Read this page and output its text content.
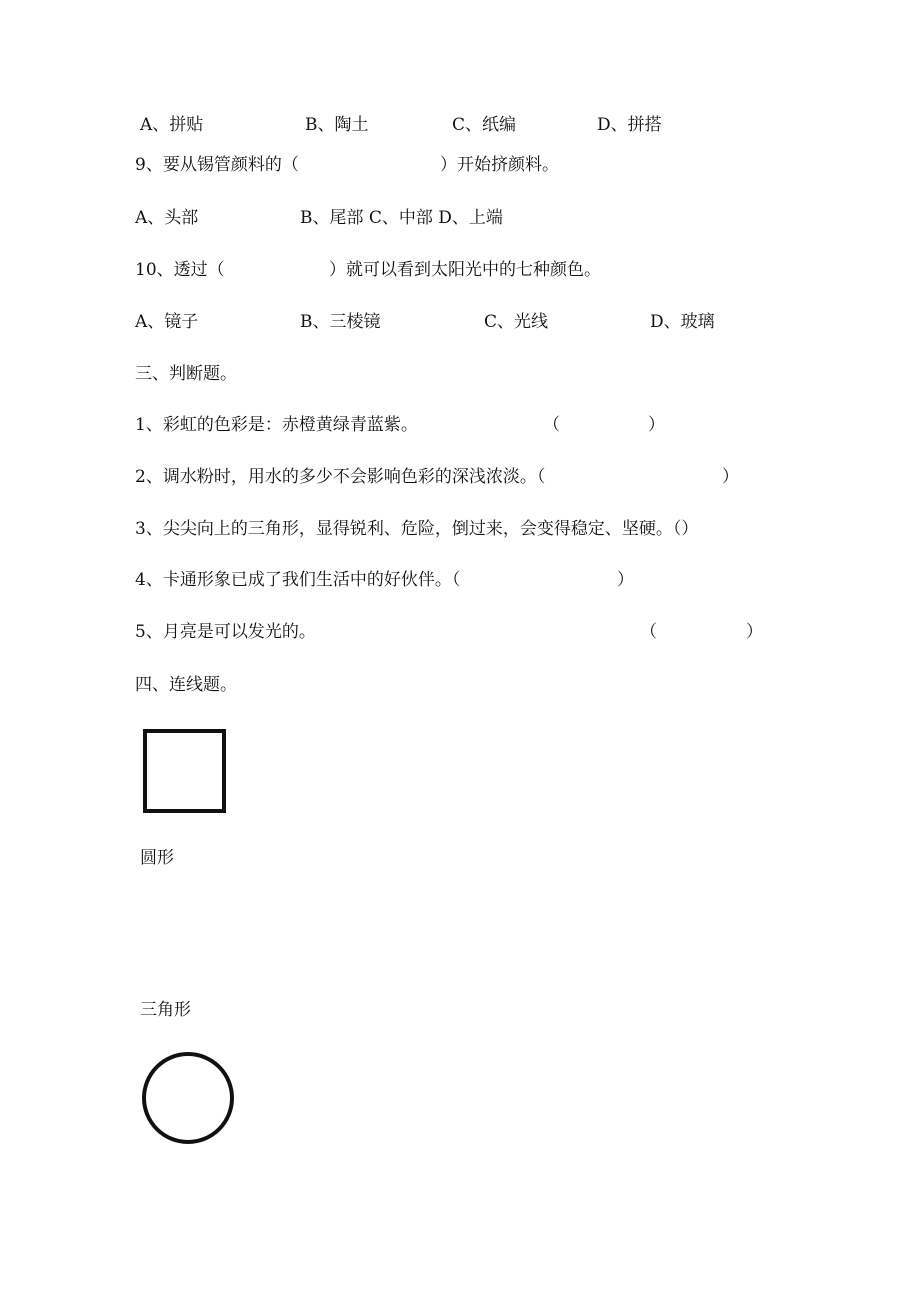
A、拼贴	B、陶土	C、纸编	D、拼搭
9、要从锡管颜料的（	）开始挤颜料。
A、头部	B、尾部 C、中部 D、上端
10、透过（	）就可以看到太阳光中的七种颜色。
A、镜子	B、三棱镜	C、光线	D、玻璃
三、判断题。
1、彩虹的色彩是：赤橙黄绿青蓝紫。	（	）
2、调水粉时，用水的多少不会影响色彩的深浅浓淡。（	）
3、尖尖向上的三角形，显得锐利、危险，倒过来，会变得稳定、坚硬。（）
4、卡通形象已成了我们生活中的好伙伴。（	）
5、月亮是可以发光的。	（	）
四、连线题。
圆形
三角形
